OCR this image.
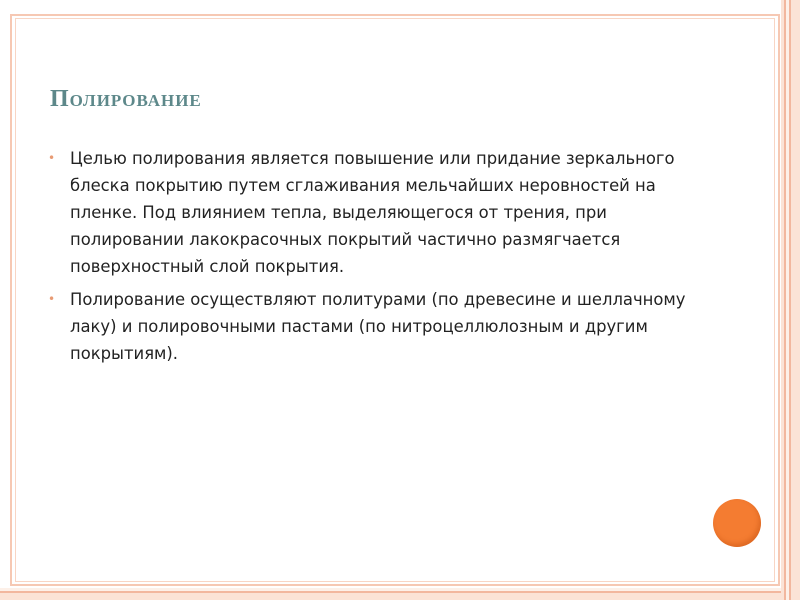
Полирование
• Целью полирования является повышение или придание зеркального блеска покрытию путем сглаживания мельчайших неровностей на пленке. Под влиянием тепла, выделяющегося от трения, при полировании лакокрасочных покрытий частично размягчается поверхностный слой покрытия.
• Полирование осуществляют политурами (по древесине и шеллачному лаку) и полировочными пастами (по нитроцеллюлозным и другим покрытиям).
